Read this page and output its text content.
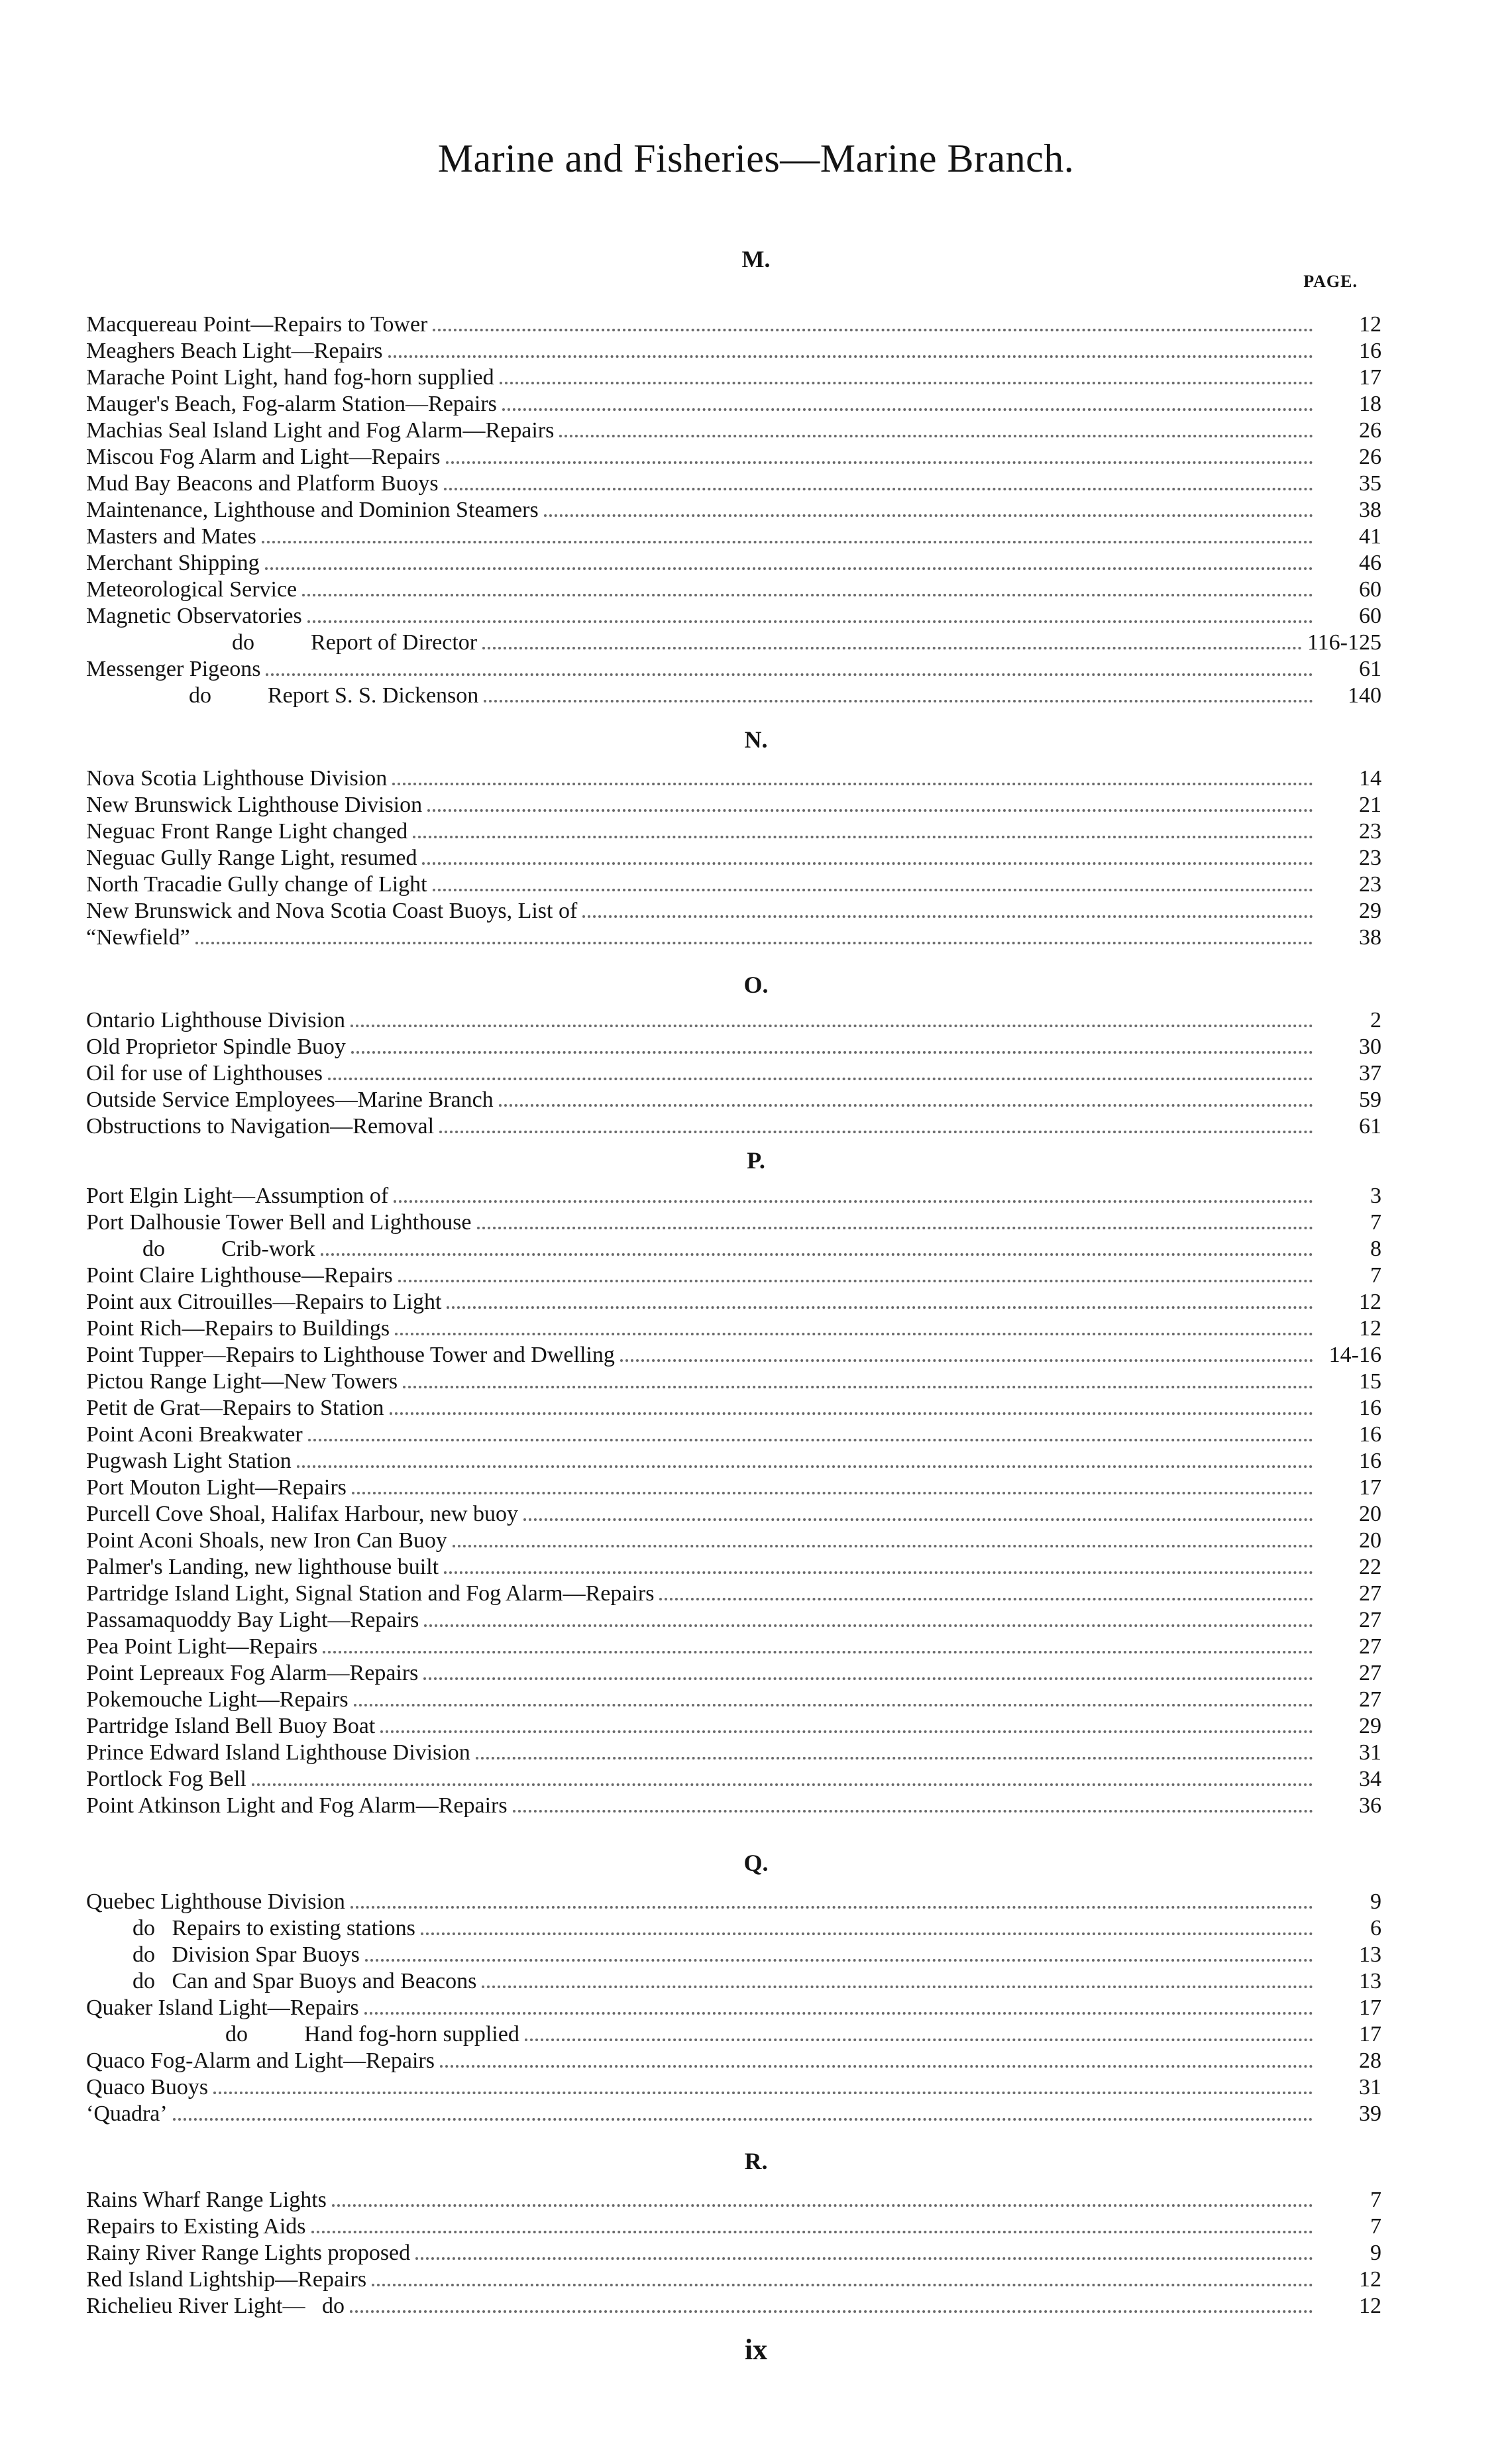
Marine and Fisheries—Marine Branch.
PAGE.
M.
Macquereau Point—Repairs to Tower	12
Meaghers Beach Light—Repairs	16
Marache Point Light, hand fog-horn supplied	17
Mauger's Beach, Fog-alarm Station—Repairs	18
Machias Seal Island Light and Fog Alarm—Repairs	26
Miscou Fog Alarm and Light—Repairs	26
Mud Bay Beacons and Platform Buoys	35
Maintenance, Lighthouse and Dominion Steamers	38
Masters and Mates	41
Merchant Shipping	46
Meteorological Service	60
Magnetic Observatories	60
do          Report of Director	116-125
Messenger Pigeons	61
do          Report S. S. Dickenson	140
N.
Nova Scotia Lighthouse Division	14
New Brunswick Lighthouse Division	21
Neguac Front Range Light changed	23
Neguac Gully Range Light, resumed	23
North Tracadie Gully change of Light	23
New Brunswick and Nova Scotia Coast Buoys, List of	29
“Newfield”	38
O.
Ontario Lighthouse Division	2
Old Proprietor Spindle Buoy	30
Oil for use of Lighthouses	37
Outside Service Employees—Marine Branch	59
Obstructions to Navigation—Removal	61
P.
Port Elgin Light—Assumption of	3
Port Dalhousie Tower Bell and Lighthouse	7
do          Crib-work	8
Point Claire Lighthouse—Repairs	7
Point aux Citrouilles—Repairs to Light	12
Point Rich—Repairs to Buildings	12
Point Tupper—Repairs to Lighthouse Tower and Dwelling	14-16
Pictou Range Light—New Towers	15
Petit de Grat—Repairs to Station	16
Point Aconi Breakwater	16
Pugwash Light Station	16
Port Mouton Light—Repairs	17
Purcell Cove Shoal, Halifax Harbour, new buoy	20
Point Aconi Shoals, new Iron Can Buoy	20
Palmer's Landing, new lighthouse built	22
Partridge Island Light, Signal Station and Fog Alarm—Repairs	27
Passamaquoddy Bay Light—Repairs	27
Pea Point Light—Repairs	27
Point Lepreaux Fog Alarm—Repairs	27
Pokemouche Light—Repairs	27
Partridge Island Bell Buoy Boat	29
Prince Edward Island Lighthouse Division	31
Portlock Fog Bell	34
Point Atkinson Light and Fog Alarm—Repairs	36
Q.
Quebec Lighthouse Division	9
do   Repairs to existing stations	6
do   Division Spar Buoys	13
do   Can and Spar Buoys and Beacons	13
Quaker Island Light—Repairs	17
do          Hand fog-horn supplied	17
Quaco Fog-Alarm and Light—Repairs	28
Quaco Buoys	31
‘Quadra’	39
R.
Rains Wharf Range Lights	7
Repairs to Existing Aids	7
Rainy River Range Lights proposed	9
Red Island Lightship—Repairs	12
Richelieu River Light—   do	12
ix
